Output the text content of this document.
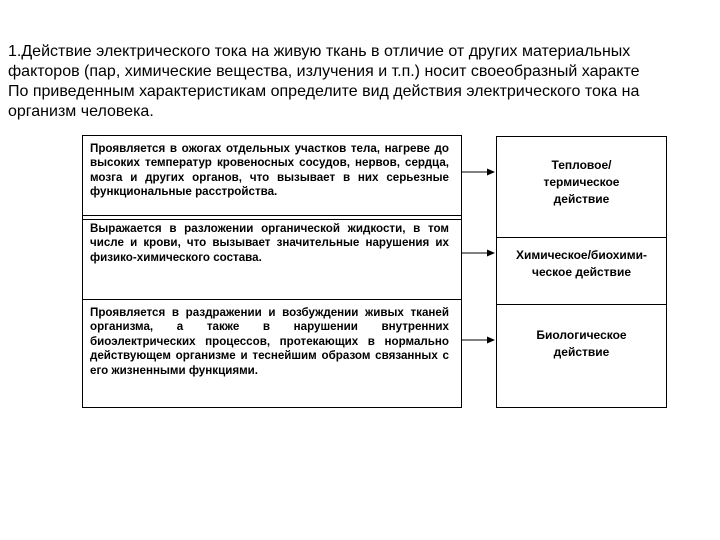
1.Действие электрического тока на живую ткань в отличие от других материальных
факторов (пар, химические вещества, излучения и т.п.) носит своеобразный характе
По приведенным характеристикам определите вид действия электрического тока на
организм человека.

Проявляется в ожогах отдельных участков тела, нагреве до высоких температур кровеносных сосудов, нервов, сердца, мозга и других органов, что вызывает в них серьезные функциональные расстройства.

Выражается в разложении органической жидкости, в том числе и крови, что вызывает значительные нарушения их физико-химического состава.

Проявляется в раздражении и возбуждении живых тканей организма, а также в нарушении внутренних биоэлектрических процессов, протекающих в нормально действующем организме и теснейшим образом связанных с его жизненными функциями.

Тепловое/ термическое действие

Химическое/биохими- ческое действие

Биологическое действие
